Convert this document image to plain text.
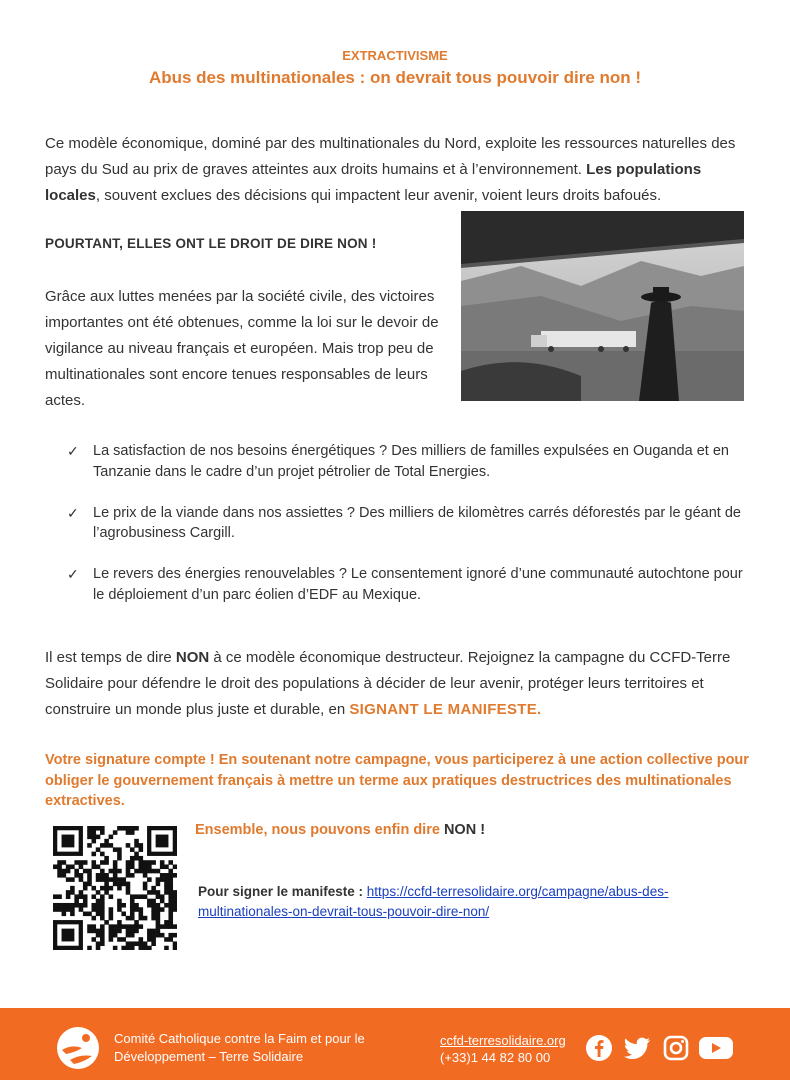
EXTRACTIVISME
Abus des multinationales : on devrait tous pouvoir dire non !
Ce modèle économique, dominé par des multinationales du Nord, exploite les ressources naturelles des pays du Sud au prix de graves atteintes aux droits humains et à l’environnement. Les populations locales, souvent exclues des décisions qui impactent leur avenir, voient leurs droits bafoués.
POURTANT, ELLES ONT LE DROIT DE DIRE NON !
Grâce aux luttes menées par la société civile, des victoires importantes ont été obtenues, comme la loi sur le devoir de vigilance au niveau français et européen. Mais trop peu de multinationales sont encore tenues responsables de leurs actes.
✓ La satisfaction de nos besoins énergétiques ? Des milliers de familles expulsées en Ouganda et en Tanzanie dans le cadre d’un projet pétrolier de Total Energies.
✓ Le prix de la viande dans nos assiettes ? Des milliers de kilomètres carrés déforestés par le géant de l’agrobusiness Cargill.
✓ Le revers des énergies renouvelables ? Le consentement ignoré d’une communauté autochtone pour le déploiement d’un parc éolien d’EDF au Mexique.
Il est temps de dire NON à ce modèle économique destructeur. Rejoignez la campagne du CCFD-Terre Solidaire pour défendre le droit des populations à décider de leur avenir, protéger leurs territoires et construire un monde plus juste et durable, en SIGNANT LE MANIFESTE.
Votre signature compte ! En soutenant notre campagne, vous participerez à une action collective pour obliger le gouvernement français à mettre un terme aux pratiques destructrices des multinationales extractives.
Ensemble, nous pouvons enfin dire NON !
Pour signer le manifeste : https://ccfd-terresolidaire.org/campagne/abus-des-multinationales-on-devrait-tous-pouvoir-dire-non/
Comité Catholique contre la Faim et pour le
Développement – Terre Solidaire
ccfd-terresolidaire.org
(+33)1 44 82 80 00
